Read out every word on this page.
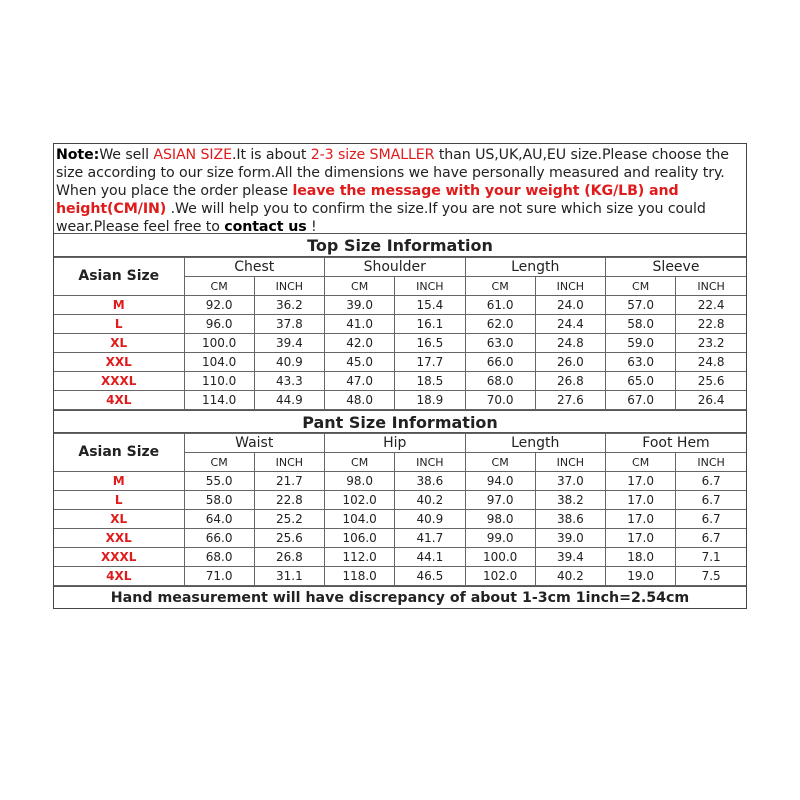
Note:We sell ASIAN SIZE.It is about 2-3 size SMALLER than US,UK,AU,EU size.Please choose the size according to our size form.All the dimensions we have personally measured and reality try. When you place the order please leave the message with your weight (KG/LB) and height(CM/IN) .We will help you to confirm the size.If you are not sure which size you could wear.Please feel free to contact us !
Top Size Information
Asian Size	Chest		Shoulder		Length		Sleeve	
	CM	INCH	CM	INCH	CM	INCH	CM	INCH
M	92.0	36.2	39.0	15.4	61.0	24.0	57.0	22.4
L	96.0	37.8	41.0	16.1	62.0	24.4	58.0	22.8
XL	100.0	39.4	42.0	16.5	63.0	24.8	59.0	23.2
XXL	104.0	40.9	45.0	17.7	66.0	26.0	63.0	24.8
XXXL	110.0	43.3	47.0	18.5	68.0	26.8	65.0	25.6
4XL	114.0	44.9	48.0	18.9	70.0	27.6	67.0	26.4
Pant Size Information
Asian Size	Waist		Hip		Length		Foot Hem	
	CM	INCH	CM	INCH	CM	INCH	CM	INCH
M	55.0	21.7	98.0	38.6	94.0	37.0	17.0	6.7
L	58.0	22.8	102.0	40.2	97.0	38.2	17.0	6.7
XL	64.0	25.2	104.0	40.9	98.0	38.6	17.0	6.7
XXL	66.0	25.6	106.0	41.7	99.0	39.0	17.0	6.7
XXXL	68.0	26.8	112.0	44.1	100.0	39.4	18.0	7.1
4XL	71.0	31.1	118.0	46.5	102.0	40.2	19.0	7.5
Hand measurement will have discrepancy of about 1-3cm 1inch=2.54cm
